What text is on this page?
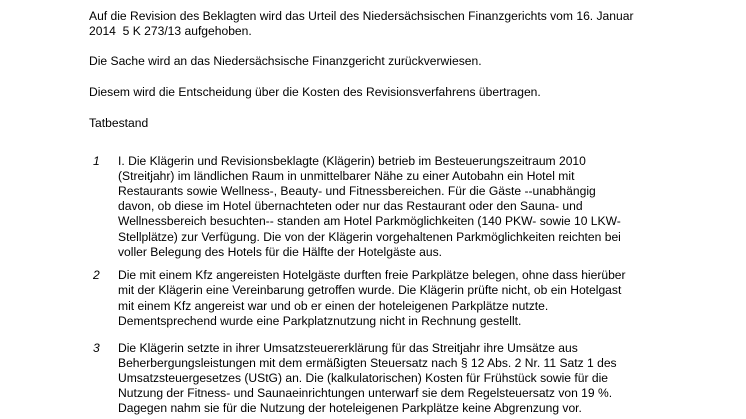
Auf die Revision des Beklagten wird das Urteil des Niedersächsischen Finanzgerichts vom 16. Januar

2014  5 K 273/13 aufgehoben.

Die Sache wird an das Niedersächsische Finanzgericht zurückverwiesen.

Diesem wird die Entscheidung über die Kosten des Revisionsverfahrens übertragen.

Tatbestand

1 I. Die Klägerin und Revisionsbeklagte (Klägerin) betrieb im Besteuerungszeitraum 2010

(Streitjahr) im ländlichen Raum in unmittelbarer Nähe zu einer Autobahn ein Hotel mit

Restaurants sowie Wellness-, Beauty- und Fitnessbereichen. Für die Gäste --unabhängig

davon, ob diese im Hotel übernachteten oder nur das Restaurant oder den Sauna- und

Wellnessbereich besuchten-- standen am Hotel Parkmöglichkeiten (140 PKW- sowie 10 LKW-

Stellplätze) zur Verfügung. Die von der Klägerin vorgehaltenen Parkmöglichkeiten reichten bei

voller Belegung des Hotels für die Hälfte der Hotelgäste aus.

2 Die mit einem Kfz angereisten Hotelgäste durften freie Parkplätze belegen, ohne dass hierüber

mit der Klägerin eine Vereinbarung getroffen wurde. Die Klägerin prüfte nicht, ob ein Hotelgast

mit einem Kfz angereist war und ob er einen der hoteleigenen Parkplätze nutzte.

Dementsprechend wurde eine Parkplatznutzung nicht in Rechnung gestellt.

3 Die Klägerin setzte in ihrer Umsatzsteuererklärung für das Streitjahr ihre Umsätze aus

Beherbergungsleistungen mit dem ermäßigten Steuersatz nach § 12 Abs. 2 Nr. 11 Satz 1 des

Umsatzsteuergesetzes (UStG) an. Die (kalkulatorischen) Kosten für Frühstück sowie für die

Nutzung der Fitness- und Saunaeinrichtungen unterwarf sie dem Regelsteuersatz von 19 %.

Dagegen nahm sie für die Nutzung der hoteleigenen Parkplätze keine Abgrenzung vor.
